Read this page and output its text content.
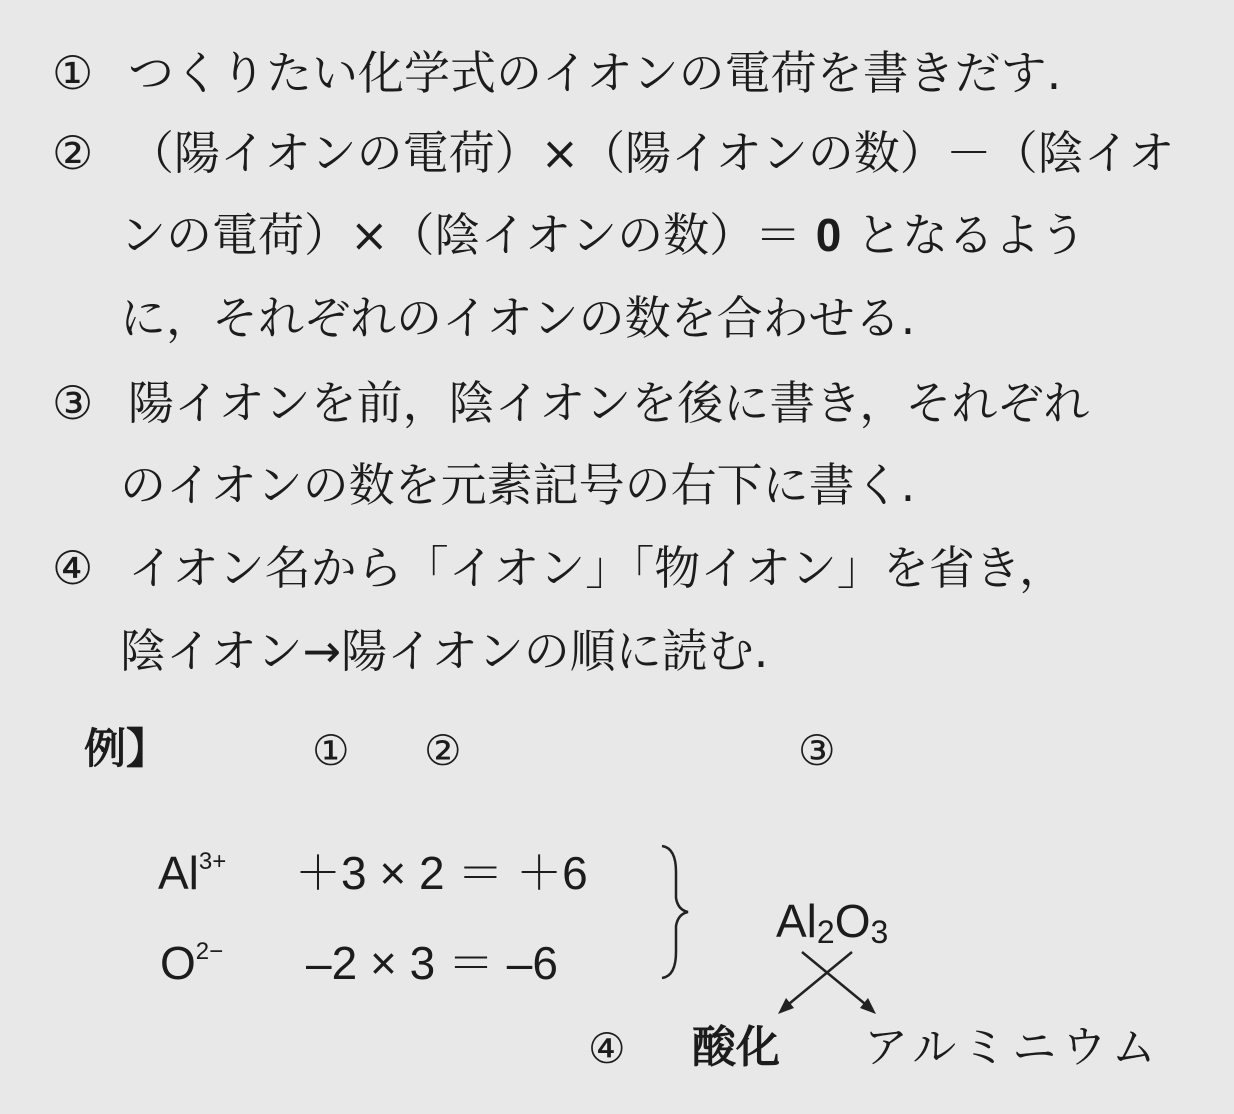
① つくりたい化学式のイオンの電荷を書きだす.
② （陽イオンの電荷）×（陽イオンの数）－（陰イオ
ンの電荷）×（陰イオンの数）＝ 0 となるよう
に，それぞれのイオンの数を合わせる.
③ 陽イオンを前，陰イオンを後に書き，それぞれ
のイオンの数を元素記号の右下に書く.
④ イオン名から「イオン」「物イオン」を省き，
陰イオン→陽イオンの順に読む.
例】	① ②	③
$Al^{3+} +3 \times 2 = +6$
$O^{2-}$ –2 × 3 ＝ –6
$Al_2O_3$
④ 酸化 アルミニウム
